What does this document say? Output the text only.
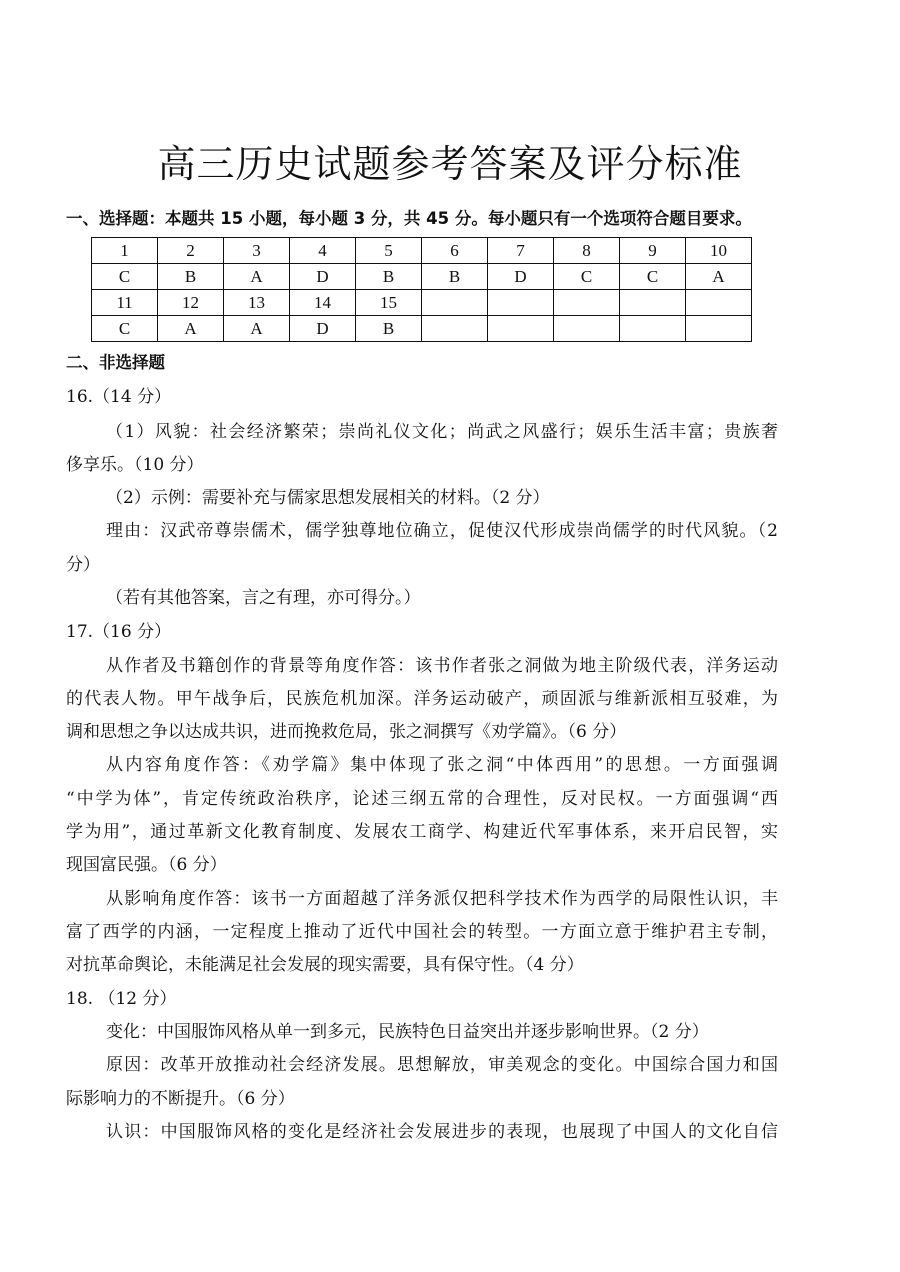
高三历史试题参考答案及评分标准
一、选择题：本题共 15 小题，每小题 3 分，共 45 分。每小题只有一个选项符合题目要求。
1	2	3	4	5	6	7	8	9	10
C	B	A	D	B	B	D	C	C	A
11	12	13	14	15					
C	A	A	D	B					
二、非选择题
16.（14 分）
（1）风貌：社会经济繁荣；崇尚礼仪文化；尚武之风盛行；娱乐生活丰富；贵族奢
侈享乐。（10 分）
（2）示例：需要补充与儒家思想发展相关的材料。（2 分）
理由：汉武帝尊崇儒术，儒学独尊地位确立，促使汉代形成崇尚儒学的时代风貌。（2
分）
（若有其他答案，言之有理，亦可得分。）
17.（16 分）
从作者及书籍创作的背景等角度作答：该书作者张之洞做为地主阶级代表，洋务运动
的代表人物。甲午战争后，民族危机加深。洋务运动破产，顽固派与维新派相互驳难，为
调和思想之争以达成共识，进而挽救危局，张之洞撰写《劝学篇》。（6 分）
从内容角度作答：《劝学篇》集中体现了张之洞“中体西用”的思想。一方面强调
“中学为体”，肯定传统政治秩序，论述三纲五常的合理性，反对民权。一方面强调“西
学为用”，通过革新文化教育制度、发展农工商学、构建近代军事体系，来开启民智，实
现国富民强。（6 分）
从影响角度作答：该书一方面超越了洋务派仅把科学技术作为西学的局限性认识，丰
富了西学的内涵，一定程度上推动了近代中国社会的转型。一方面立意于维护君主专制，
对抗革命舆论，未能满足社会发展的现实需要，具有保守性。（4 分）
18. （12 分）
变化：中国服饰风格从单一到多元，民族特色日益突出并逐步影响世界。（2 分）
原因：改革开放推动社会经济发展。思想解放，审美观念的变化。中国综合国力和国
际影响力的不断提升。（6 分）
认识：中国服饰风格的变化是经济社会发展进步的表现，也展现了中国人的文化自信
